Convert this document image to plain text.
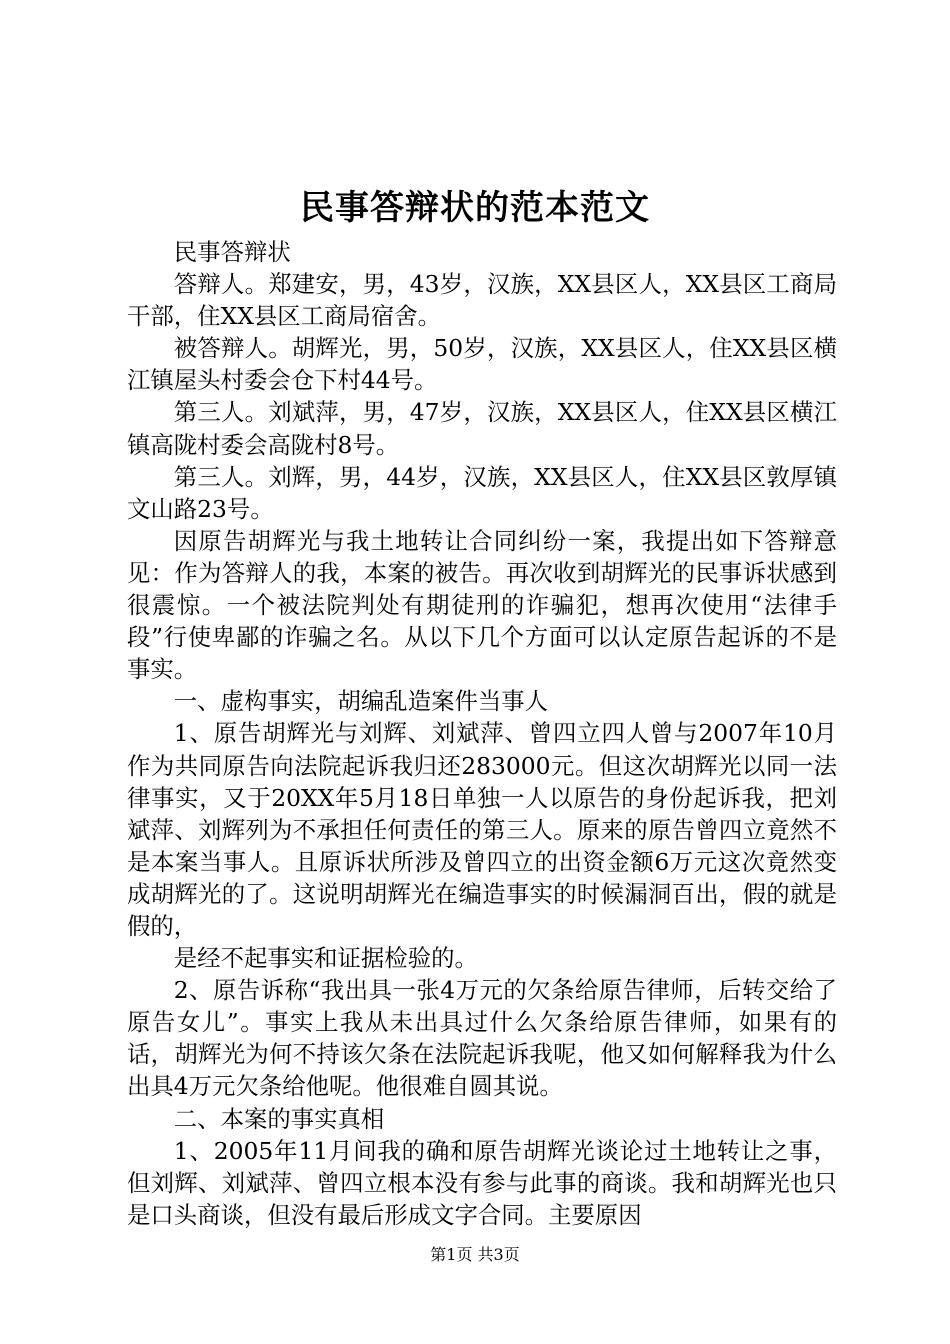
民事答辩状的范本范文

民事答辩状

答辩人。郑建安，男，43岁，汉族，XX县区人，XX县区工商局干部，住XX县区工商局宿舍。

被答辩人。胡辉光，男，50岁，汉族，XX县区人，住XX县区横江镇屋头村委会仓下村44号。

第三人。刘斌萍，男，47岁，汉族，XX县区人，住XX县区横江镇高陇村委会高陇村8号。

第三人。刘辉，男，44岁，汉族，XX县区人，住XX县区敦厚镇文山路23号。

因原告胡辉光与我土地转让合同纠纷一案，我提出如下答辩意见：作为答辩人的我，本案的被告。再次收到胡辉光的民事诉状感到很震惊。一个被法院判处有期徒刑的诈骗犯，想再次使用“法律手段”行使卑鄙的诈骗之名。从以下几个方面可以认定原告起诉的不是事实。

一、虚构事实，胡编乱造案件当事人

1、原告胡辉光与刘辉、刘斌萍、曾四立四人曾与2007年10月作为共同原告向法院起诉我归还283000元。但这次胡辉光以同一法律事实，又于20XX年5月18日单独一人以原告的身份起诉我，把刘斌萍、刘辉列为不承担任何责任的第三人。原来的原告曾四立竟然不是本案当事人。且原诉状所涉及曾四立的出资金额6万元这次竟然变成胡辉光的了。这说明胡辉光在编造事实的时候漏洞百出，假的就是假的，

是经不起事实和证据检验的。

2、原告诉称“我出具一张4万元的欠条给原告律师，后转交给了原告女儿”。事实上我从未出具过什么欠条给原告律师，如果有的话，胡辉光为何不持该欠条在法院起诉我呢，他又如何解释我为什么出具4万元欠条给他呢。他很难自圆其说。

二、本案的事实真相

1、2005年11月间我的确和原告胡辉光谈论过土地转让之事，但刘辉、刘斌萍、曾四立根本没有参与此事的商谈。我和胡辉光也只是口头商谈，但没有最后形成文字合同。主要原因

第1页 共3页
